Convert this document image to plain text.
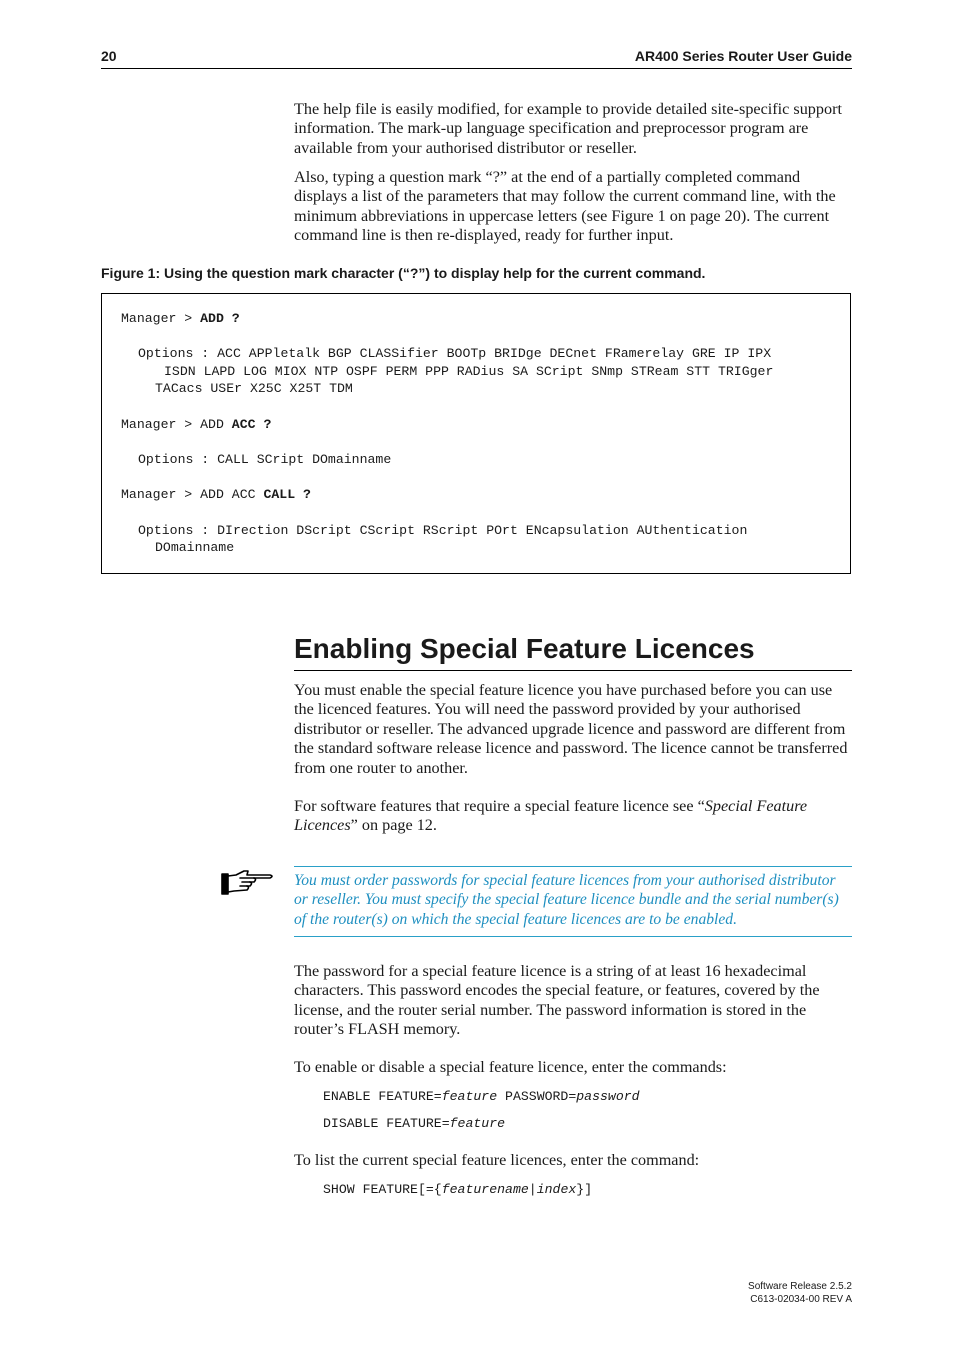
20	AR400 Series Router User Guide

The help file is easily modified, for example to provide detailed site-specific support information. The mark-up language specification and preprocessor program are available from your authorised distributor or reseller.

Also, typing a question mark “?” at the end of a partially completed command displays a list of the parameters that may follow the current command line, with the minimum abbreviations in uppercase letters (see Figure 1 on page 20). The current command line is then re-displayed, ready for further input.

Figure 1: Using the question mark character (“?”) to display help for the current command.

Manager > ADD ?

Options : ACC APPletalk BGP CLASSifier BOOTp BRIDge DECnet FRamerelay GRE IP IPX

ISDN LAPD LOG MIOX NTP OSPF PERM PPP RADius SA SCript SNmp STReam STT TRIGger

TACacs USEr X25C X25T TDM

Manager > ADD ACC ?

Options : CALL SCript DOmainname

Manager > ADD ACC CALL ?

Options : DIrection DScript CScript RScript POrt ENcapsulation AUthentication

DOmainname

Enabling Special Feature Licences

You must enable the special feature licence you have purchased before you can use the licenced features. You will need the password provided by your authorised distributor or reseller. The advanced upgrade licence and password are different from the standard software release licence and password. The licence cannot be transferred from one router to another.

For software features that require a special feature licence see “Special Feature Licences” on page 12.

You must order passwords for special feature licences from your authorised distributor or reseller. You must specify the special feature licence bundle and the serial number(s) of the router(s) on which the special feature licences are to be enabled.

The password for a special feature licence is a string of at least 16 hexadecimal characters. This password encodes the special feature, or features, covered by the license, and the router serial number. The password information is stored in the router’s FLASH memory.

To enable or disable a special feature licence, enter the commands:

ENABLE FEATURE=feature PASSWORD=password
DISABLE FEATURE=feature

To list the current special feature licences, enter the command:

SHOW FEATURE[={featurename|index}]
Software Release 2.5.2
C613-02034-00 REV A
